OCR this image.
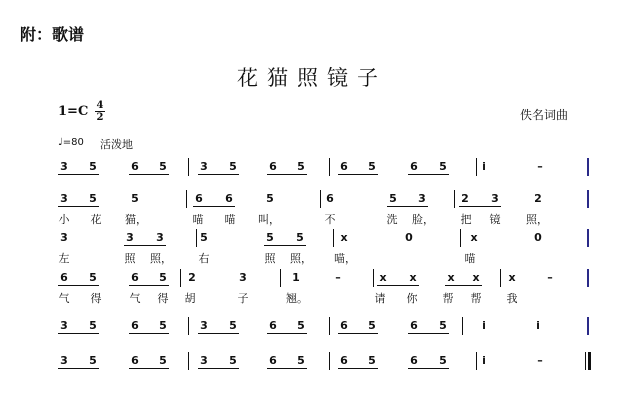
附：歌谱
花猫照镜子
1=C 4
2	佚名词曲
♩=80 活泼地
3 5	6 5	3 5	6 5	6 5	6 5	i	–
3 5	5	6 6	5	6	5 3	2 3	2
小	花	猫，	喵	喵	叫，	不	洗	脸，	把	镜	照，
3	3 3	5	5 5	x	0	x	0
左	照	照，	右	照	照， 喵，	喵
6 5	6 5 2	3	1	–	x	x	x	x	x	–
气	得	气	得	胡	子	翘。	请	你	帮	帮	我
3 5	6 5	3 5	6 5	6 5	6 5	i	i
3 5	6 5	3 5	6 5	6 5	6 5	i	–
